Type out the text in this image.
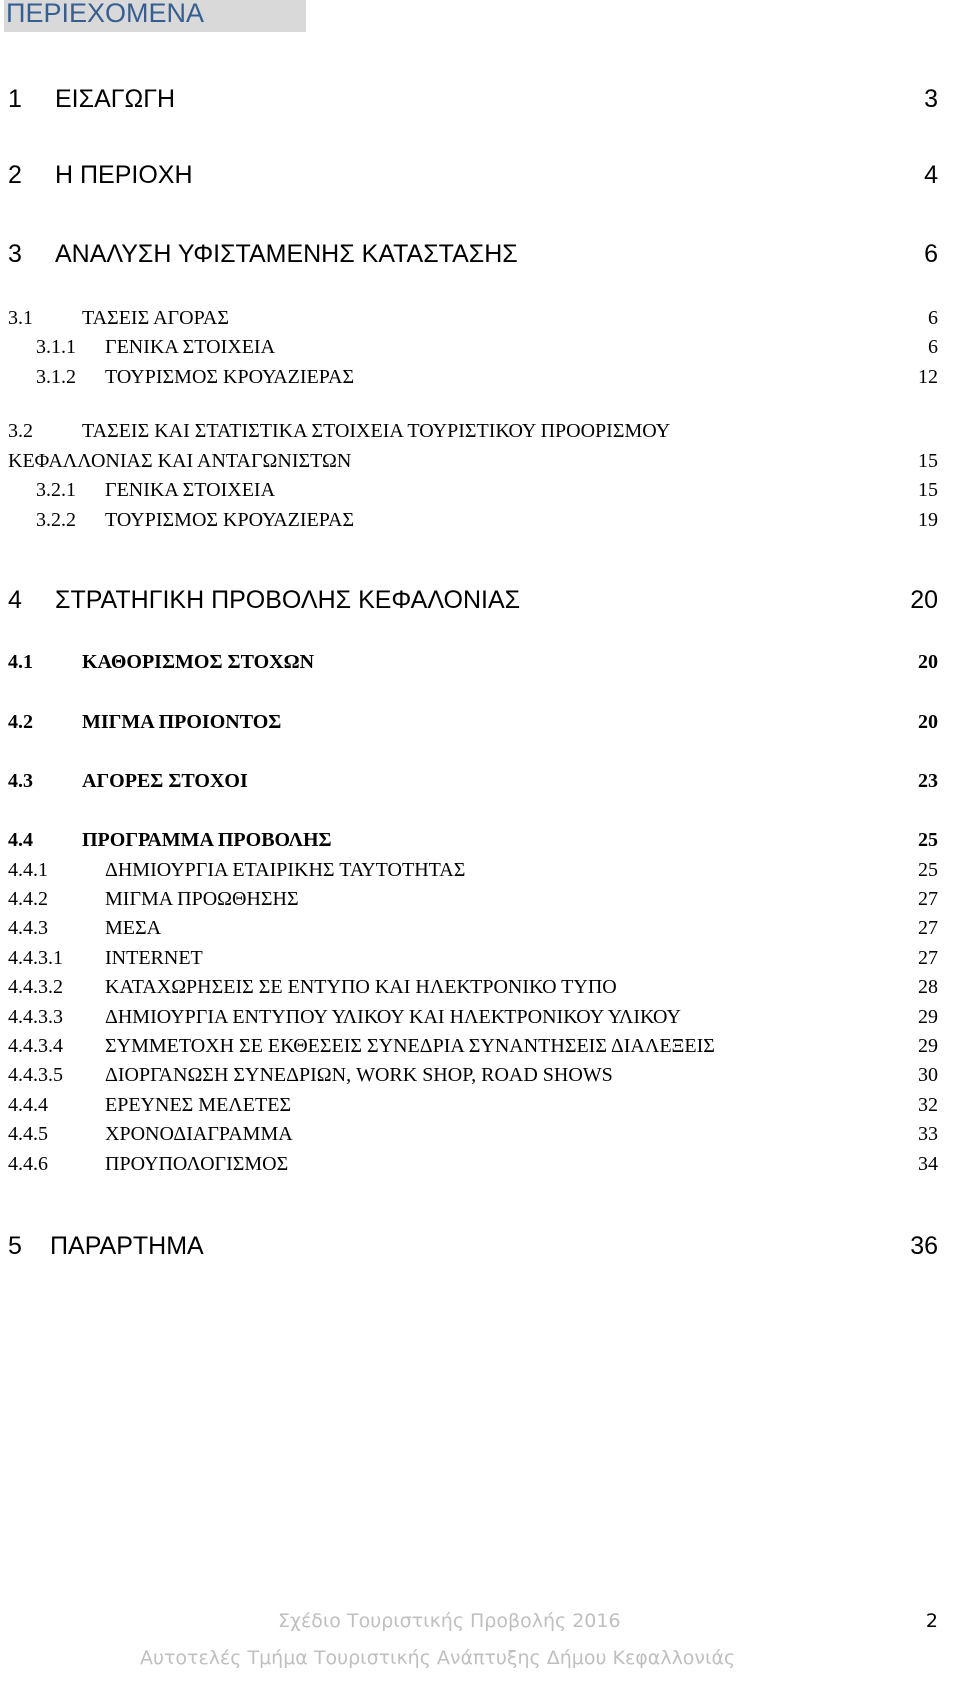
ΠΕΡΙΕΧΟΜΕΝΑ
1 ΕΙΣΑΓΩΓΗ	3
2 Η ΠΕΡΙΟΧΗ	4
3 ΑΝΑΛΥΣΗ ΥΦΙΣΤΑΜΕΝΗΣ ΚΑΤΑΣΤΑΣΗΣ	6
3.1 ΤΑΣΕΙΣ ΑΓΟΡΑΣ	6
3.1.1 ΓΕΝΙΚΑ ΣΤΟΙΧΕΙΑ	6
3.1.2 ΤΟΥΡΙΣΜΟΣ ΚΡΟΥΑΖΙΕΡΑΣ	12
3.2 ΤΑΣΕΙΣ ΚΑΙ ΣΤΑΤΙΣΤΙΚΑ ΣΤΟΙΧΕΙΑ ΤΟΥΡΙΣΤΙΚΟΥ ΠΡΟΟΡΙΣΜΟΥ
ΚΕΦΑΛΛΟΝΙΑΣ ΚΑΙ ΑΝΤΑΓΩΝΙΣΤΩΝ	15
3.2.1 ΓΕΝΙΚΑ ΣΤΟΙΧΕΙΑ	15
3.2.2 ΤΟΥΡΙΣΜΟΣ ΚΡΟΥΑΖΙΕΡΑΣ	19
4 ΣΤΡΑΤΗΓΙΚΗ ΠΡΟΒΟΛΗΣ ΚΕΦΑΛΟΝΙΑΣ	20
4.1 ΚΑΘΟΡΙΣΜΟΣ ΣΤΟΧΩΝ	20
4.2 ΜΙΓΜΑ ΠΡΟΙΟΝΤΟΣ	20
4.3 ΑΓΟΡΕΣ ΣΤΟΧΟΙ	23
4.4 ΠΡΟΓΡΑΜΜΑ ΠΡΟΒΟΛΗΣ	25
4.4.1	ΔΗΜΙΟΥΡΓΙΑ ΕΤΑΙΡΙΚΗΣ ΤΑΥΤΟΤΗΤΑΣ	25
4.4.2	ΜΙΓΜΑ ΠΡΟΩΘΗΣΗΣ	27
4.4.3	ΜΕΣΑ	27
4.4.3.1 INTERNET	27
4.4.3.2 ΚΑΤΑΧΩΡΗΣΕΙΣ ΣΕ ΕΝΤΥΠΟ ΚΑΙ ΗΛΕΚΤΡΟΝΙΚΟ ΤΥΠΟ	28
4.4.3.3 ΔΗΜΙΟΥΡΓΙΑ ΕΝΤΥΠΟΥ ΥΛΙΚΟΥ ΚΑΙ ΗΛΕΚΤΡΟΝΙΚΟΥ ΥΛΙΚΟΥ	29
4.4.3.4 ΣΥΜΜΕΤΟΧΗ ΣΕ ΕΚΘΕΣΕΙΣ ΣΥΝΕΔΡΙΑ ΣΥΝΑΝΤΗΣΕΙΣ ΔΙΑΛΕΞΕΙΣ	29
4.4.3.5 ΔΙΟΡΓΑΝΩΣΗ ΣΥΝΕΔΡΙΩΝ, WORK SHOP, ROAD SHOWS	30
4.4.4	ΕΡΕΥΝΕΣ ΜΕΛΕΤΕΣ	32
4.4.5	ΧΡΟΝΟΔΙΑΓΡΑΜΜΑ	33
4.4.6	ΠΡΟΥΠΟΛΟΓΙΣΜΟΣ	34
5 ΠΑΡΑΡΤΗΜΑ	36
Σχέδιο Τουριστικής Προβολής 2016	2
Αυτοτελές Τμήμα Τουριστικής Ανάπτυξης Δήμου Κεφαλλονιάς
